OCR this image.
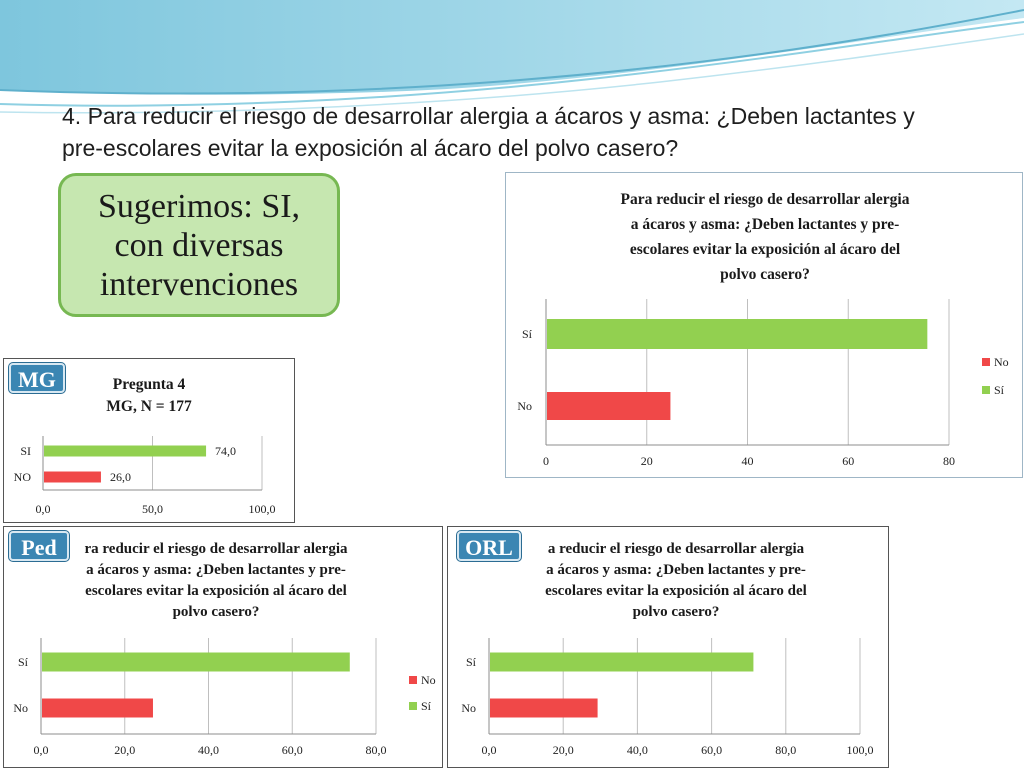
4. Para reducir el riesgo de desarrollar alergia a ácaros y asma: ¿Deben lactantes y pre-escolares evitar la exposición al ácaro del polvo casero?
Sugerimos: SI, con diversas intervenciones
Para reducir el riesgo de desarrollar alergia
a ácaros y asma: ¿Deben lactantes y pre-
escolares evitar la exposición al ácaro del
polvo casero?
0	20	40	60	80
Sí
No
No
Sí
Pregunta 4
MG, N = 177
0,0	50,0	100,0
SI	74,0
NO	26,0
MG
ra reducir el riesgo de desarrollar alergia
a ácaros y asma: ¿Deben lactantes y pre-
escolares evitar la exposición al ácaro del
polvo casero?
0,0	20,0	40,0	60,0	80,0
Sí
No
No
Sí
Ped	a reducir el riesgo de desarrollar alergia
a ácaros y asma: ¿Deben lactantes y pre-
escolares evitar la exposición al ácaro del
polvo casero?
0,0	20,0	40,0	60,0	80,0	100,0
Sí
No
ORL
